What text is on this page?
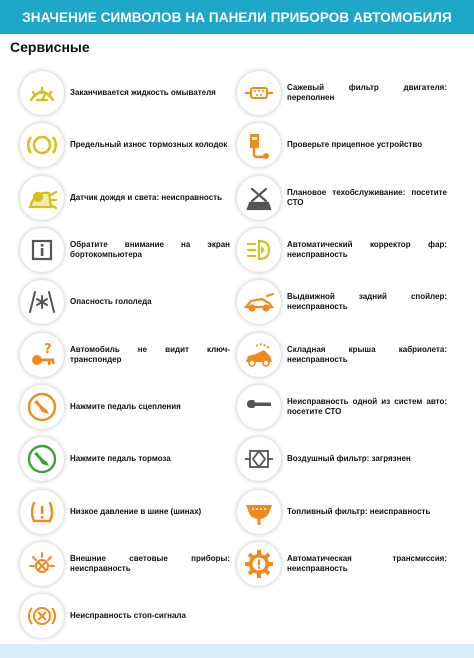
ЗНАЧЕНИЕ СИМВОЛОВ НА ПАНЕЛИ ПРИБОРОВ АВТОМОБИЛЯ
Сервисные
Заканчивается жидкость омывателя
Предельный износ тормозных колодок
Датчик дождя и света: неисправность
Обратите внимание на экран бортокомпьютера
Опасность гололеда
? Автомобиль не видит ключ-транспондер
Нажмите педаль сцепления
Нажмите педаль тормоза
Низкое давление в шине (шинах)
Внешние световые приборы: неисправность
Неисправность стоп-сигнала
Сажевый фильтр двигателя: переполнен
Проверьте прицепное устройство
Плановое техобслуживание: посетите СТО
Автоматический корректор фар: неисправность
Выдвижной задний спойлер: неисправность
Складная крыша кабриолета: неисправность
Неисправность одной из систем авто: посетите СТО
Воздушный фильтр: загрязнен
Топливный фильтр: неисправность
Автоматическая трансмиссия: неисправность
